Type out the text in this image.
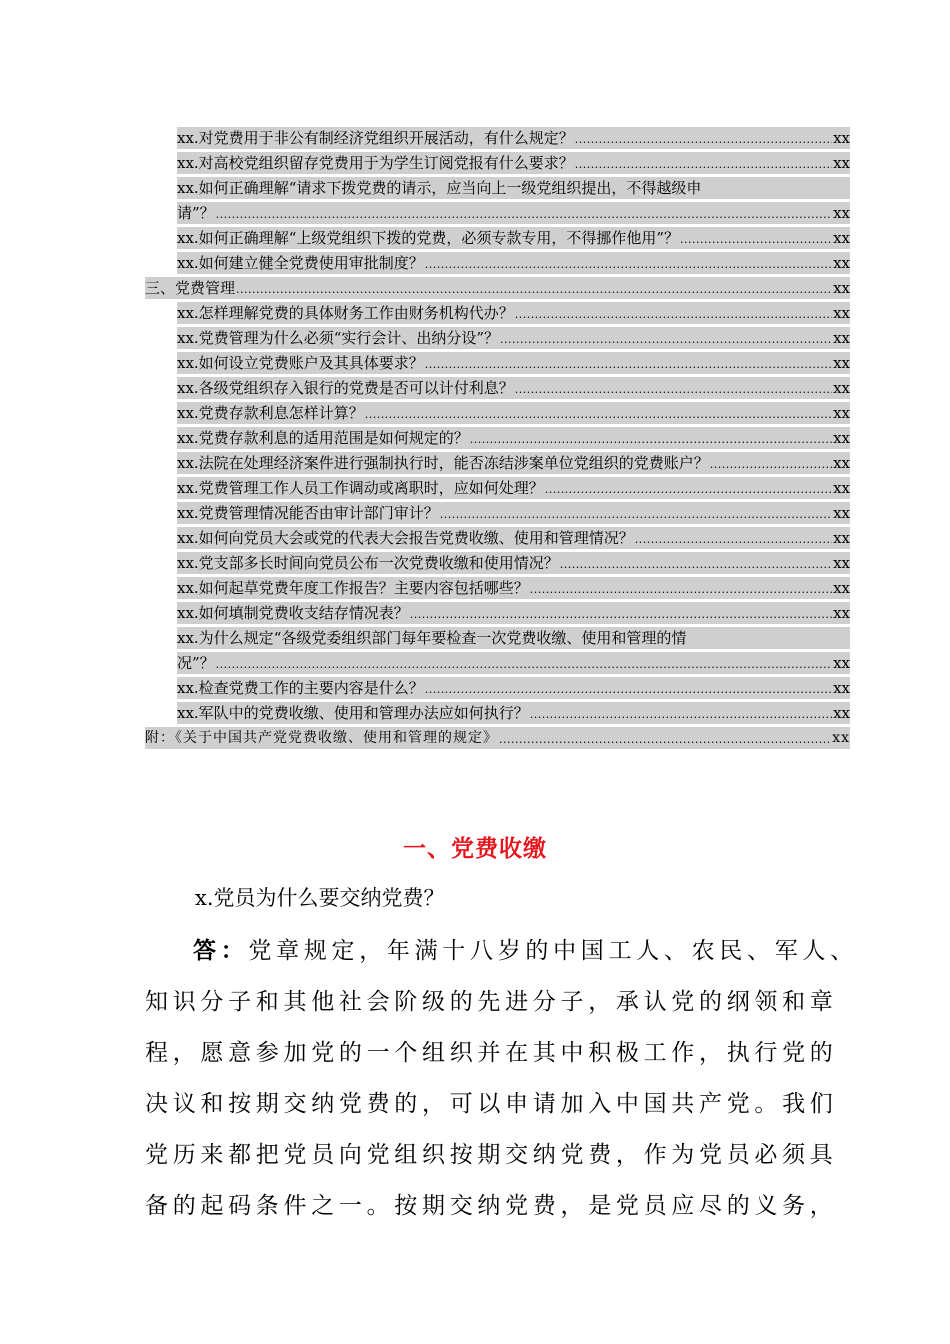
xx.对党费用于非公有制经济党组织开展活动，有什么规定？ .....	xx
xx.对高校党组织留存党费用于为学生订阅党报有什么要求？ .....	xx
xx.如何正确理解“请求下拨党费的请示，应当向上一级党组织提出，不得越级申
请”？ .....	xx
xx.如何正确理解“上级党组织下拨的党费，必须专款专用，不得挪作他用”？ .....	xx
xx.如何建立健全党费使用审批制度？ .....	xx
三、党费管理 .....	xx
xx.怎样理解党费的具体财务工作由财务机构代办？ .....	xx
xx.党费管理为什么必须“实行会计、出纳分设”？ .....	xx
xx.如何设立党费账户及其具体要求？ .....	xx
xx.各级党组织存入银行的党费是否可以计付利息？ .....	xx
xx.党费存款利息怎样计算？ .....	xx
xx.党费存款利息的适用范围是如何规定的？ .....	xx
xx.法院在处理经济案件进行强制执行时，能否冻结涉案单位党组织的党费账户？ .....	xx
xx.党费管理工作人员工作调动或离职时，应如何处理？ .....	xx
xx.党费管理情况能否由审计部门审计？ .....	xx
xx.如何向党员大会或党的代表大会报告党费收缴、使用和管理情况？ .....	xx
xx.党支部多长时间向党员公布一次党费收缴和使用情况？ .....	xx
xx.如何起草党费年度工作报告？主要内容包括哪些？ .....	xx
xx.如何填制党费收支结存情况表？ .....	xx
xx.为什么规定“各级党委组织部门每年要检查一次党费收缴、使用和管理的情
况”？ .....	xx
xx.检查党费工作的主要内容是什么？ .....	xx
xx.军队中的党费收缴、使用和管理办法应如何执行？ .....	xx
附：《关于中国共产党党费收缴、使用和管理的规定》 .....	xx
一、党费收缴
x.党员为什么要交纳党费？
答：党章规定，年满十八岁的中国工人、农民、军人、
知识分子和其他社会阶级的先进分子，承认党的纲领和章
程，愿意参加党的一个组织并在其中积极工作，执行党的
决议和按期交纳党费的，可以申请加入中国共产党。我们
党历来都把党员向党组织按期交纳党费，作为党员必须具
备的起码条件之一。按期交纳党费，是党员应尽的义务，
